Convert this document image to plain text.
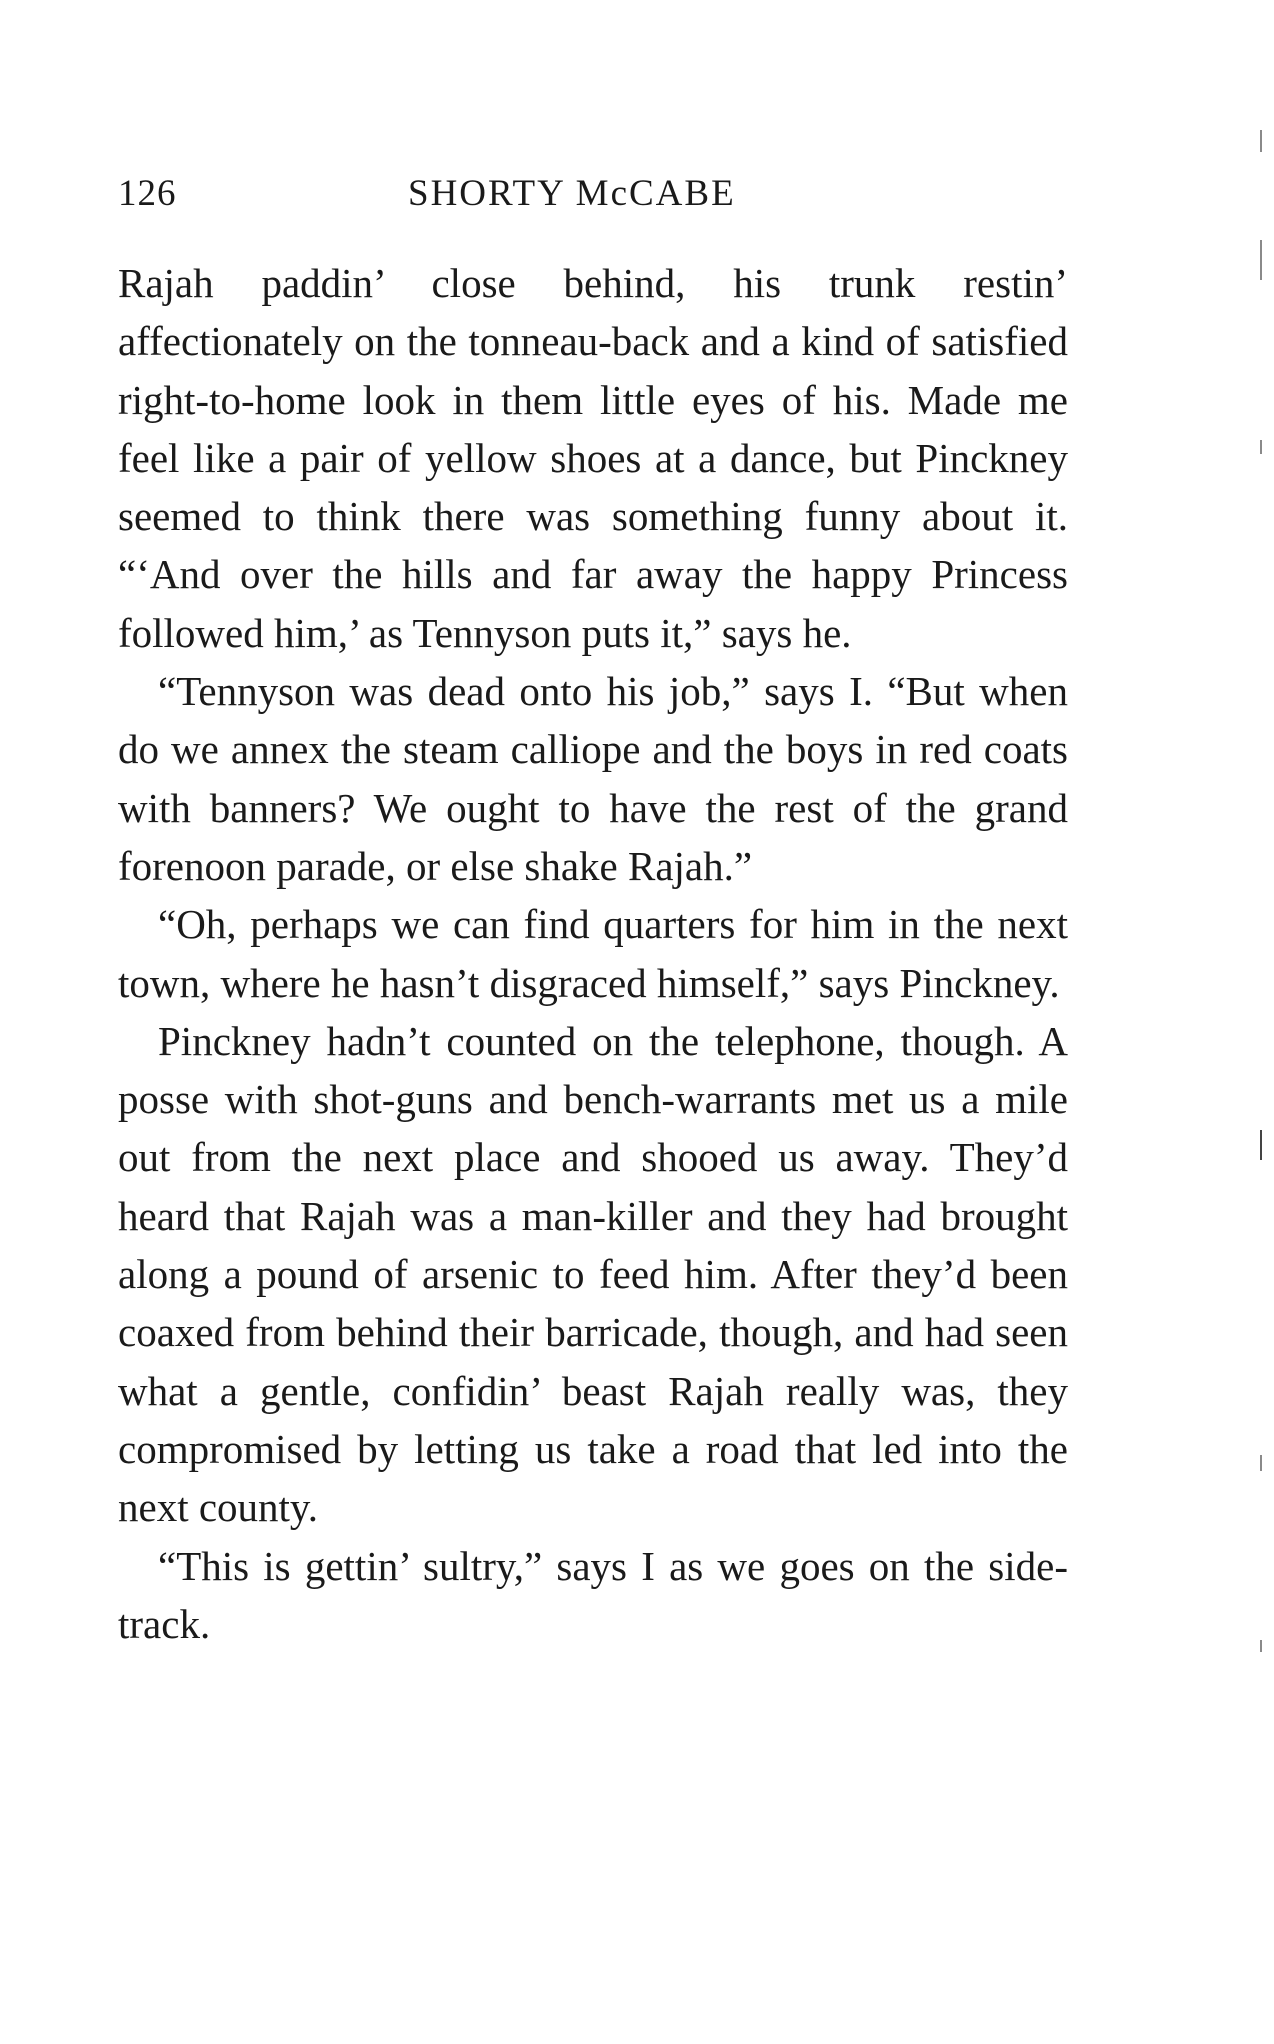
126	SHORTY McCABE

Rajah paddin’ close behind, his trunk restin’ affectionately on the tonneau-back and a kind of satisfied right-to-home look in them little eyes of his. Made me feel like a pair of yellow shoes at a dance, but Pinckney seemed to think there was something funny about it. “‘And over the hills and far away the happy Princess followed him,’ as Tennyson puts it,” says he.

“Tennyson was dead onto his job,” says I. “But when do we annex the steam calliope and the boys in red coats with banners? We ought to have the rest of the grand forenoon parade, or else shake Rajah.”

“Oh, perhaps we can find quarters for him in the next town, where he hasn’t disgraced himself,” says Pinckney.

Pinckney hadn’t counted on the telephone, though. A posse with shot-guns and bench-warrants met us a mile out from the next place and shooed us away. They’d heard that Rajah was a man-killer and they had brought along a pound of arsenic to feed him. After they’d been coaxed from behind their barricade, though, and had seen what a gentle, confidin’ beast Rajah really was, they compromised by letting us take a road that led into the next county.

“This is gettin’ sultry,” says I as we goes on the side-track.
